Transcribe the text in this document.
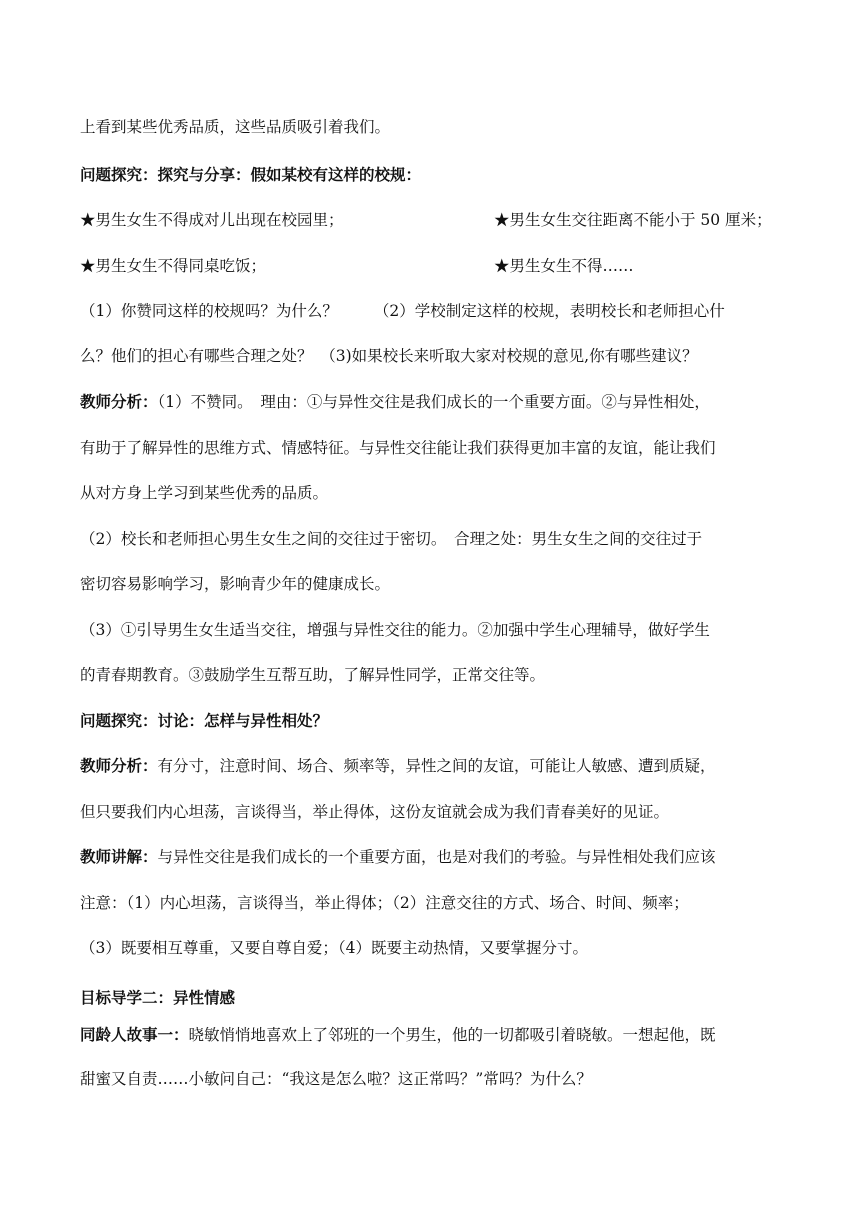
上看到某些优秀品质，这些品质吸引着我们。
问题探究：探究与分享：假如某校有这样的校规：
★男生女生不得成对儿出现在校园里；	★男生女生交往距离不能小于 50 厘米；
★男生女生不得同桌吃饭；	★男生女生不得……
（1）你赞同这样的校规吗？为什么？ （2）学校制定这样的校规，表明校长和老师担心什
么？他们的担心有哪些合理之处？　（3)如果校长来听取大家对校规的意见,你有哪些建议？
教师分析：（1）不赞同。　理由：①与异性交往是我们成长的一个重要方面。②与异性相处，
有助于了解异性的思维方式、情感特征。与异性交往能让我们获得更加丰富的友谊，能让我们
从对方身上学习到某些优秀的品质。
（2）校长和老师担心男生女生之间的交往过于密切。　合理之处：男生女生之间的交往过于
密切容易影响学习，影响青少年的健康成长。
（3）①引导男生女生适当交往，增强与异性交往的能力。②加强中学生心理辅导，做好学生
的青春期教育。③鼓励学生互帮互助，了解异性同学，正常交往等。
问题探究：讨论：怎样与异性相处？
教师分析：有分寸，注意时间、场合、频率等，异性之间的友谊，可能让人敏感、遭到质疑，
但只要我们内心坦荡，言谈得当，举止得体，这份友谊就会成为我们青春美好的见证。
教师讲解：与异性交往是我们成长的一个重要方面，也是对我们的考验。与异性相处我们应该
注意：（1）内心坦荡，言谈得当，举止得体；（2）注意交往的方式、场合、时间、频率；
（3）既要相互尊重，又要自尊自爱；（4）既要主动热情，又要掌握分寸。
目标导学二：异性情感
同龄人故事一：晓敏悄悄地喜欢上了邻班的一个男生，他的一切都吸引着晓敏。一想起他，既
甜蜜又自责……小敏问自己：“我这是怎么啦？这正常吗？”常吗？为什么？
